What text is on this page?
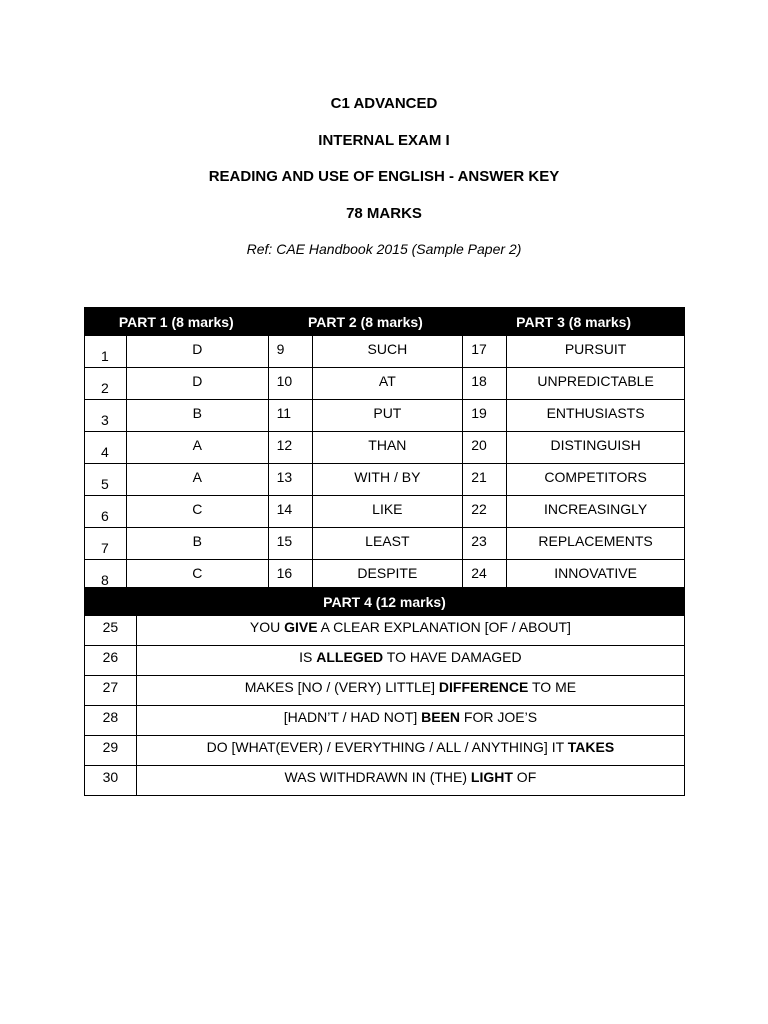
C1 ADVANCED
INTERNAL EXAM I
READING AND USE OF ENGLISH - ANSWER KEY
78 MARKS
Ref: CAE Handbook 2015 (Sample Paper 2)
PART 1 (8 marks)		PART 2 (8 marks)		PART 3 (8 marks)	
1	D	9	SUCH	17	PURSUIT
2	D	10	AT	18	UNPREDICTABLE
3	B	11	PUT	19	ENTHUSIASTS
4	A	12	THAN	20	DISTINGUISH
5	A	13	WITH / BY	21	COMPETITORS
6	C	14	LIKE	22	INCREASINGLY
7	B	15	LEAST	23	REPLACEMENTS
8	C	16	DESPITE	24	INNOVATIVE
PART 4 (12 marks)	
25	YOU GIVE A CLEAR EXPLANATION [OF / ABOUT]
26	IS ALLEGED TO HAVE DAMAGED
27	MAKES [NO / (VERY) LITTLE] DIFFERENCE TO ME
28	[HADN’T / HAD NOT] BEEN FOR JOE’S
29	DO [WHAT(EVER) / EVERYTHING / ALL / ANYTHING] IT TAKES
30	WAS WITHDRAWN IN (THE) LIGHT OF
